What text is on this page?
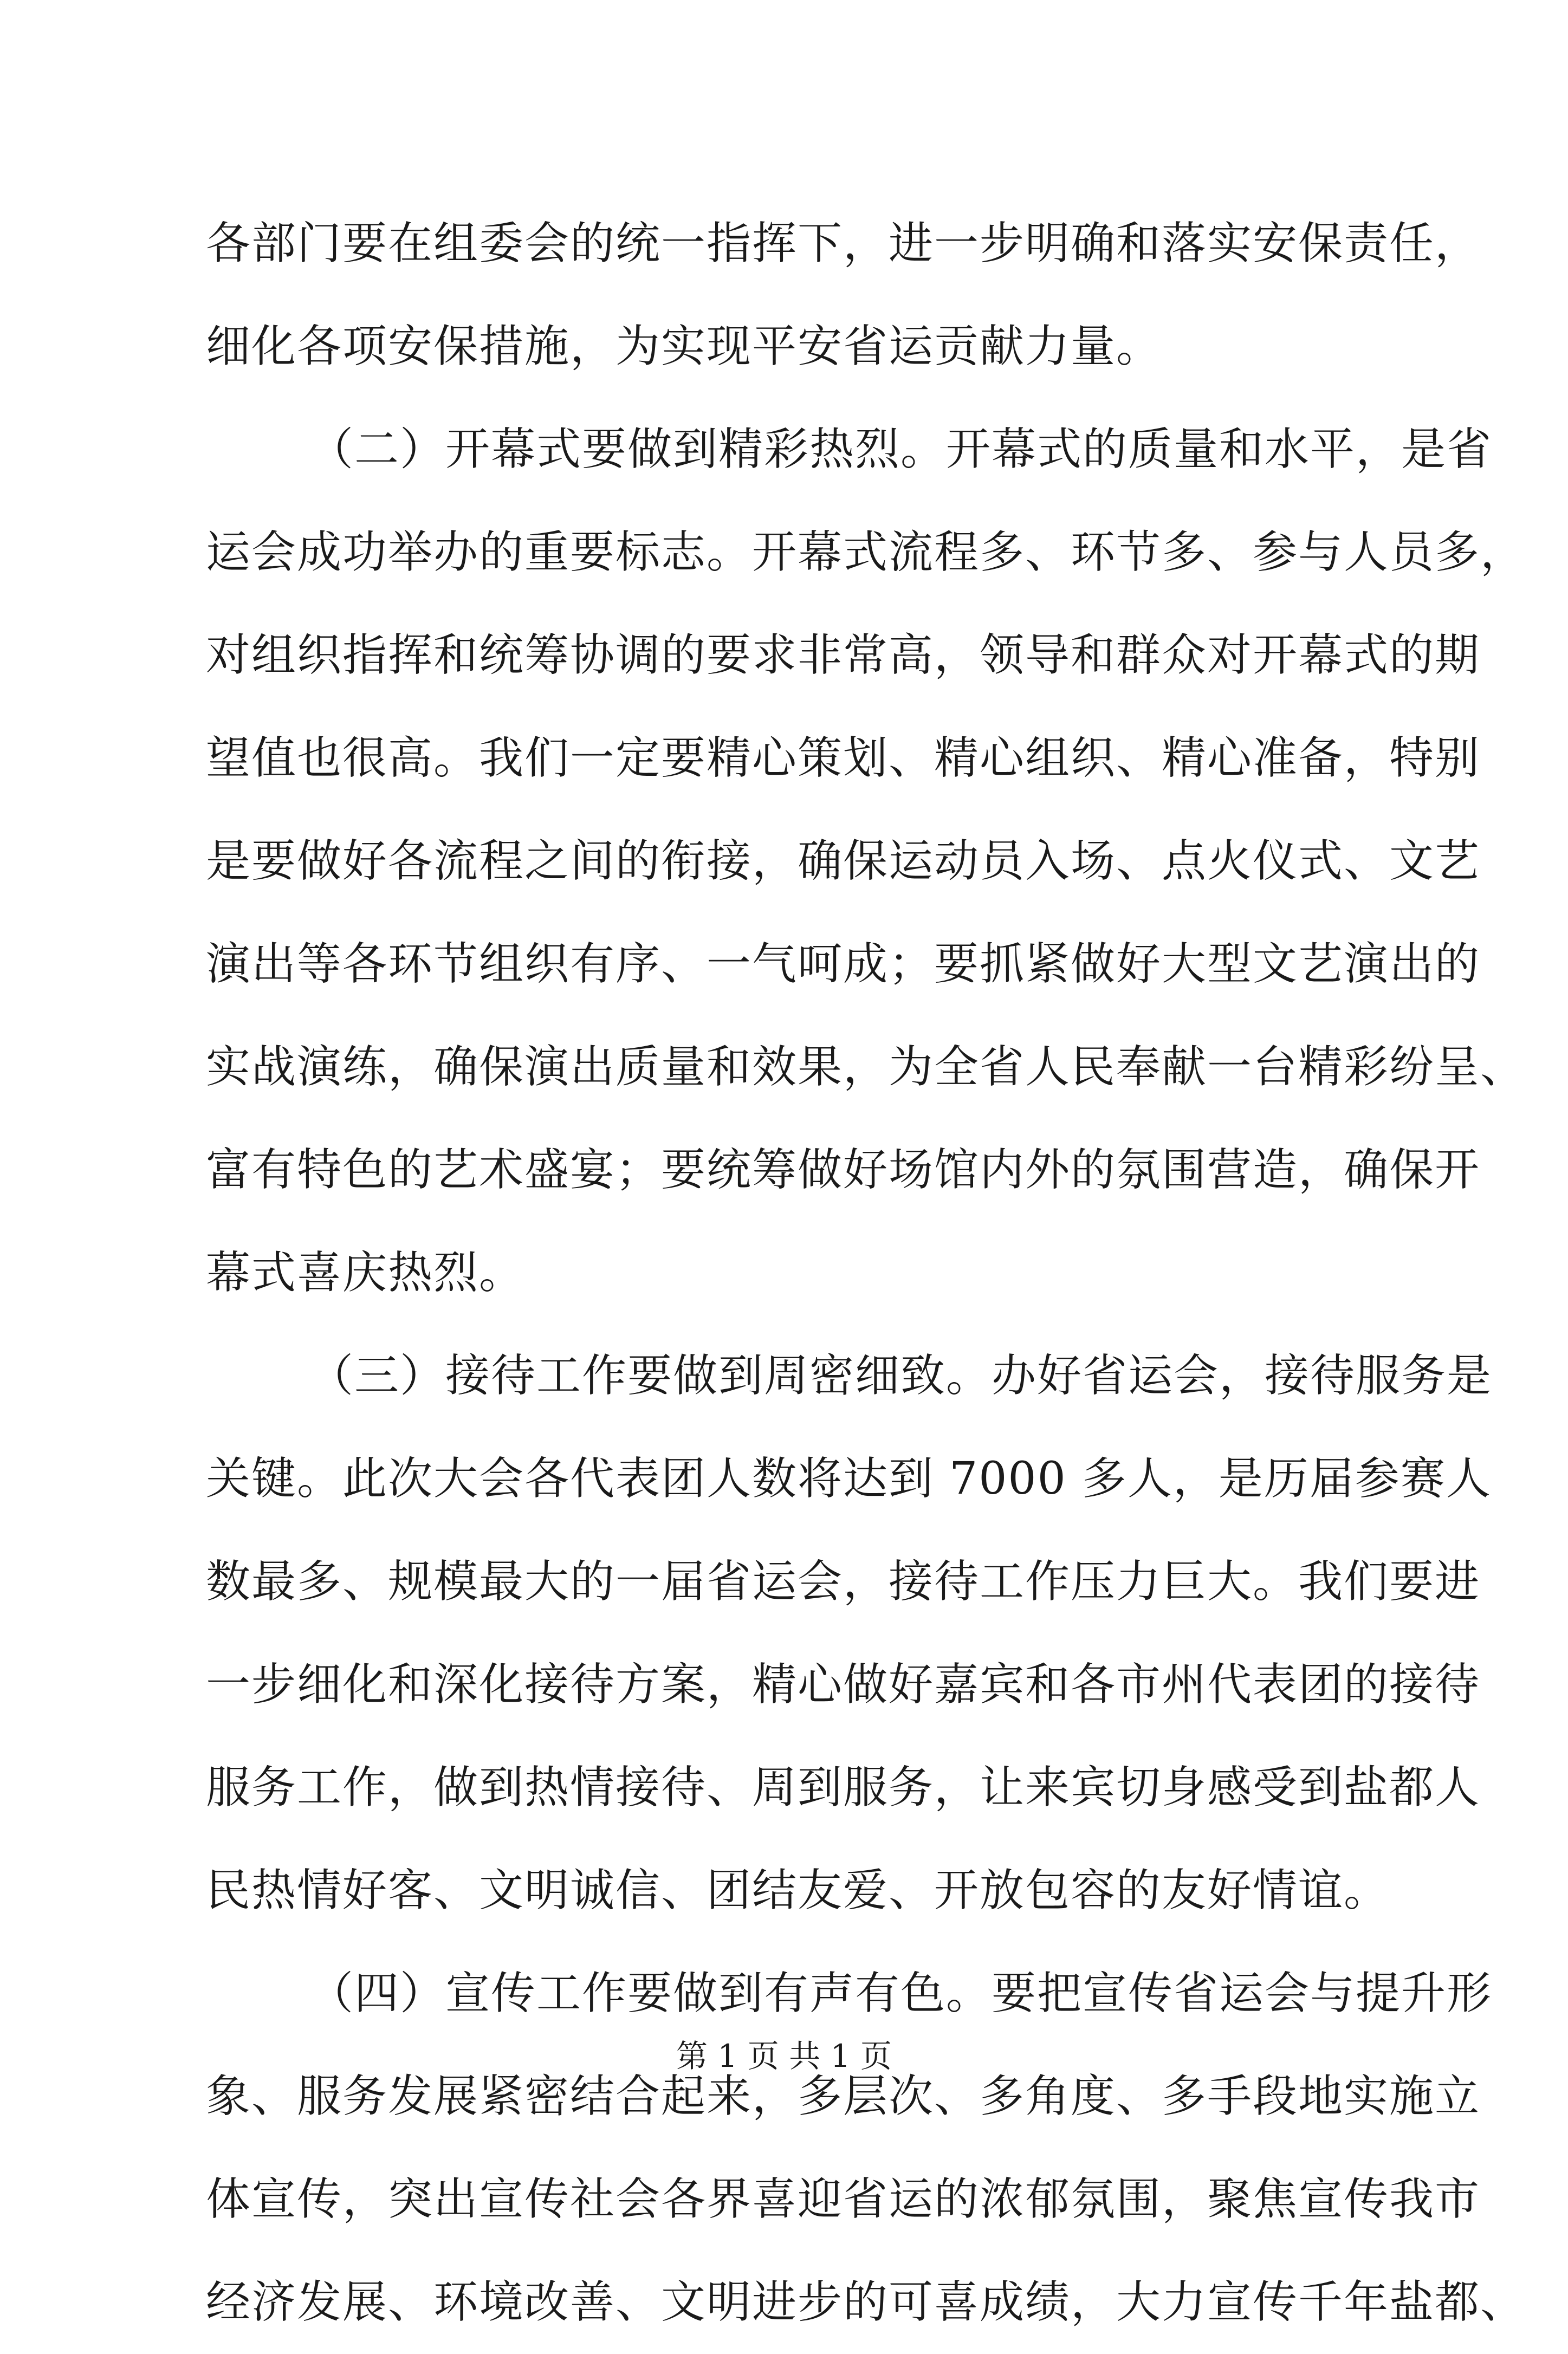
各部门要在组委会的统一指挥下，进一步明确和落实安保责任，
细化各项安保措施，为实现平安省运贡献力量。
（二）开幕式要做到精彩热烈。开幕式的质量和水平，是省
运会成功举办的重要标志。开幕式流程多、环节多、参与人员多，
对组织指挥和统筹协调的要求非常高，领导和群众对开幕式的期
望值也很高。我们一定要精心策划、精心组织、精心准备，特别
是要做好各流程之间的衔接，确保运动员入场、点火仪式、文艺
演出等各环节组织有序、一气呵成；要抓紧做好大型文艺演出的
实战演练，确保演出质量和效果，为全省人民奉献一台精彩纷呈、
富有特色的艺术盛宴；要统筹做好场馆内外的氛围营造，确保开
幕式喜庆热烈。
（三）接待工作要做到周密细致。办好省运会，接待服务是
关键。此次大会各代表团人数将达到 7000 多人，是历届参赛人
数最多、规模最大的一届省运会，接待工作压力巨大。我们要进
一步细化和深化接待方案，精心做好嘉宾和各市州代表团的接待
服务工作，做到热情接待、周到服务，让来宾切身感受到盐都人
民热情好客、文明诚信、团结友爱、开放包容的友好情谊。
（四）宣传工作要做到有声有色。要把宣传省运会与提升形
象、服务发展紧密结合起来，多层次、多角度、多手段地实施立
体宣传，突出宣传社会各界喜迎省运的浓郁氛围，聚焦宣传我市
经济发展、环境改善、文明进步的可喜成绩，大力宣传千年盐都、
第 1 页 共 1 页
